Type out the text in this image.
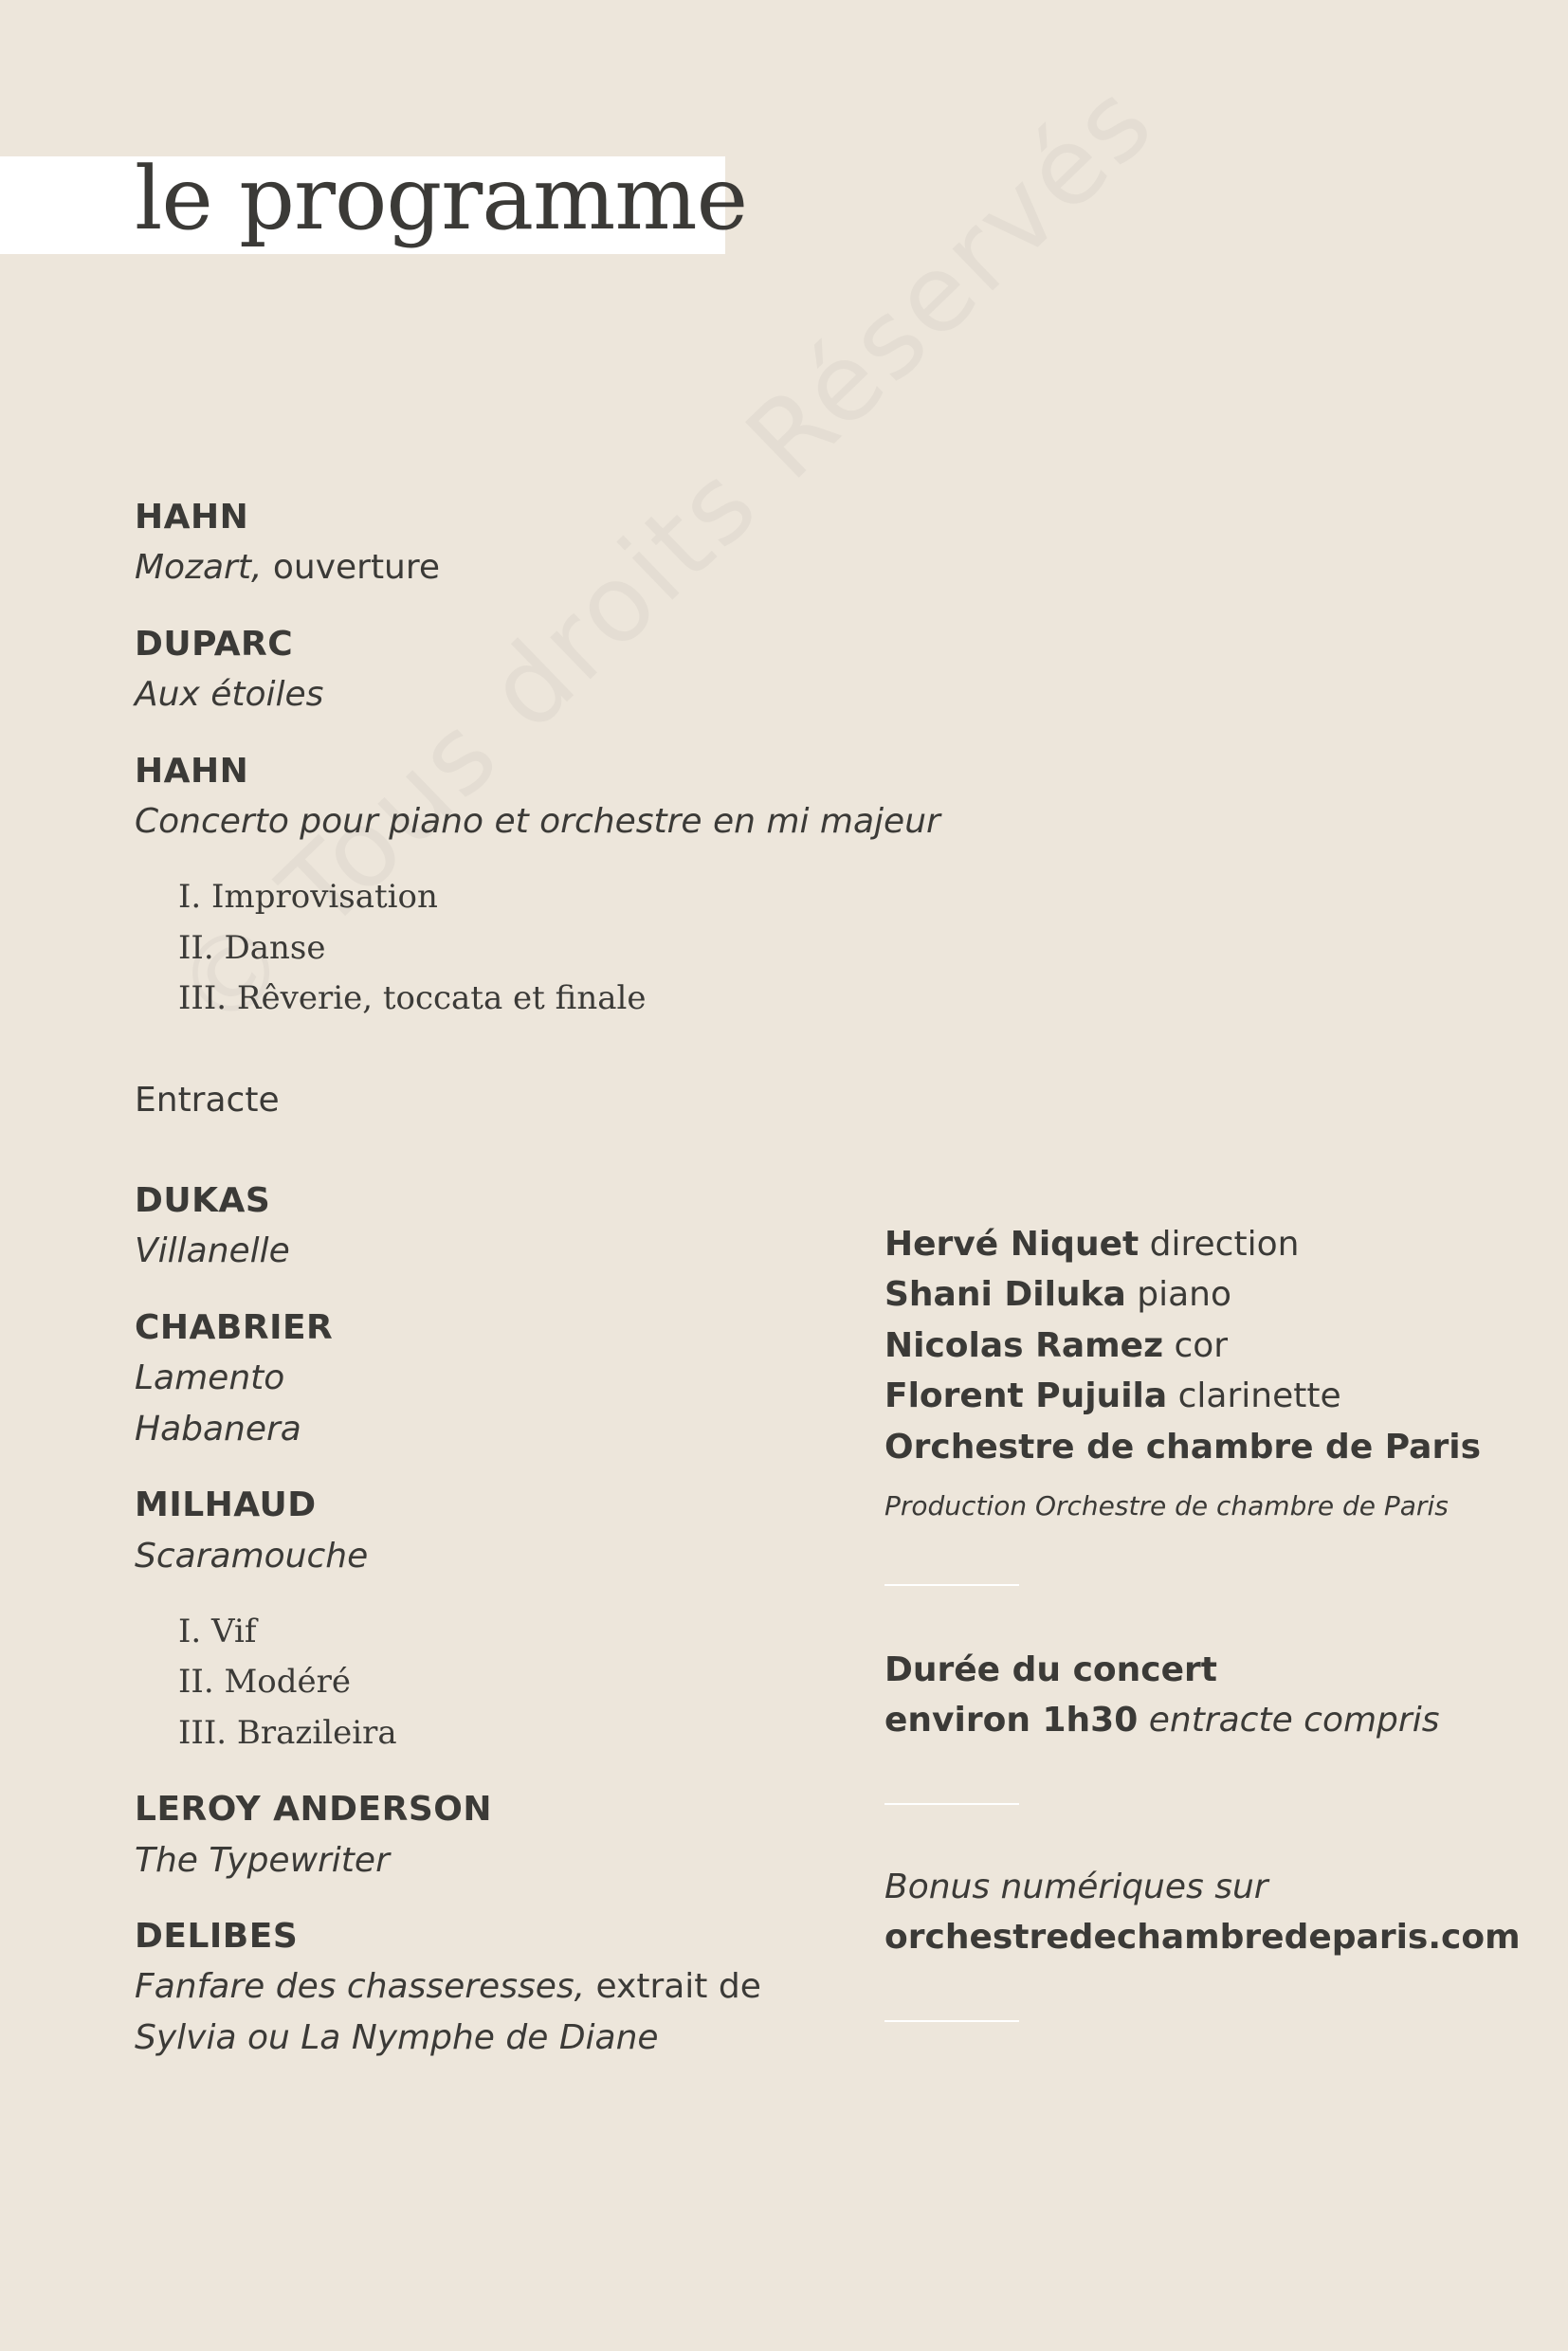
le programme
HAHN
Mozart, ouverture
DUPARC
Aux étoiles
HAHN
Concerto pour piano et orchestre en mi majeur
I. Improvisation
II. Danse
III. Rêverie, toccata et finale
Entracte
DUKAS
Villanelle
CHABRIER
Lamento
Habanera
MILHAUD
Scaramouche
I. Vif
II. Modéré
III. Brazileira
LEROY ANDERSON
The Typewriter
DELIBES
Fanfare des chasseresses, extrait de
Sylvia ou La Nymphe de Diane
Hervé Niquet direction
Shani Diluka piano
Nicolas Ramez cor
Florent Pujuila clarinette
Orchestre de chambre de Paris
Production Orchestre de chambre de Paris
Durée du concert
environ 1h30 entracte compris
Bonus numériques sur
orchestredechambredeparis.com
